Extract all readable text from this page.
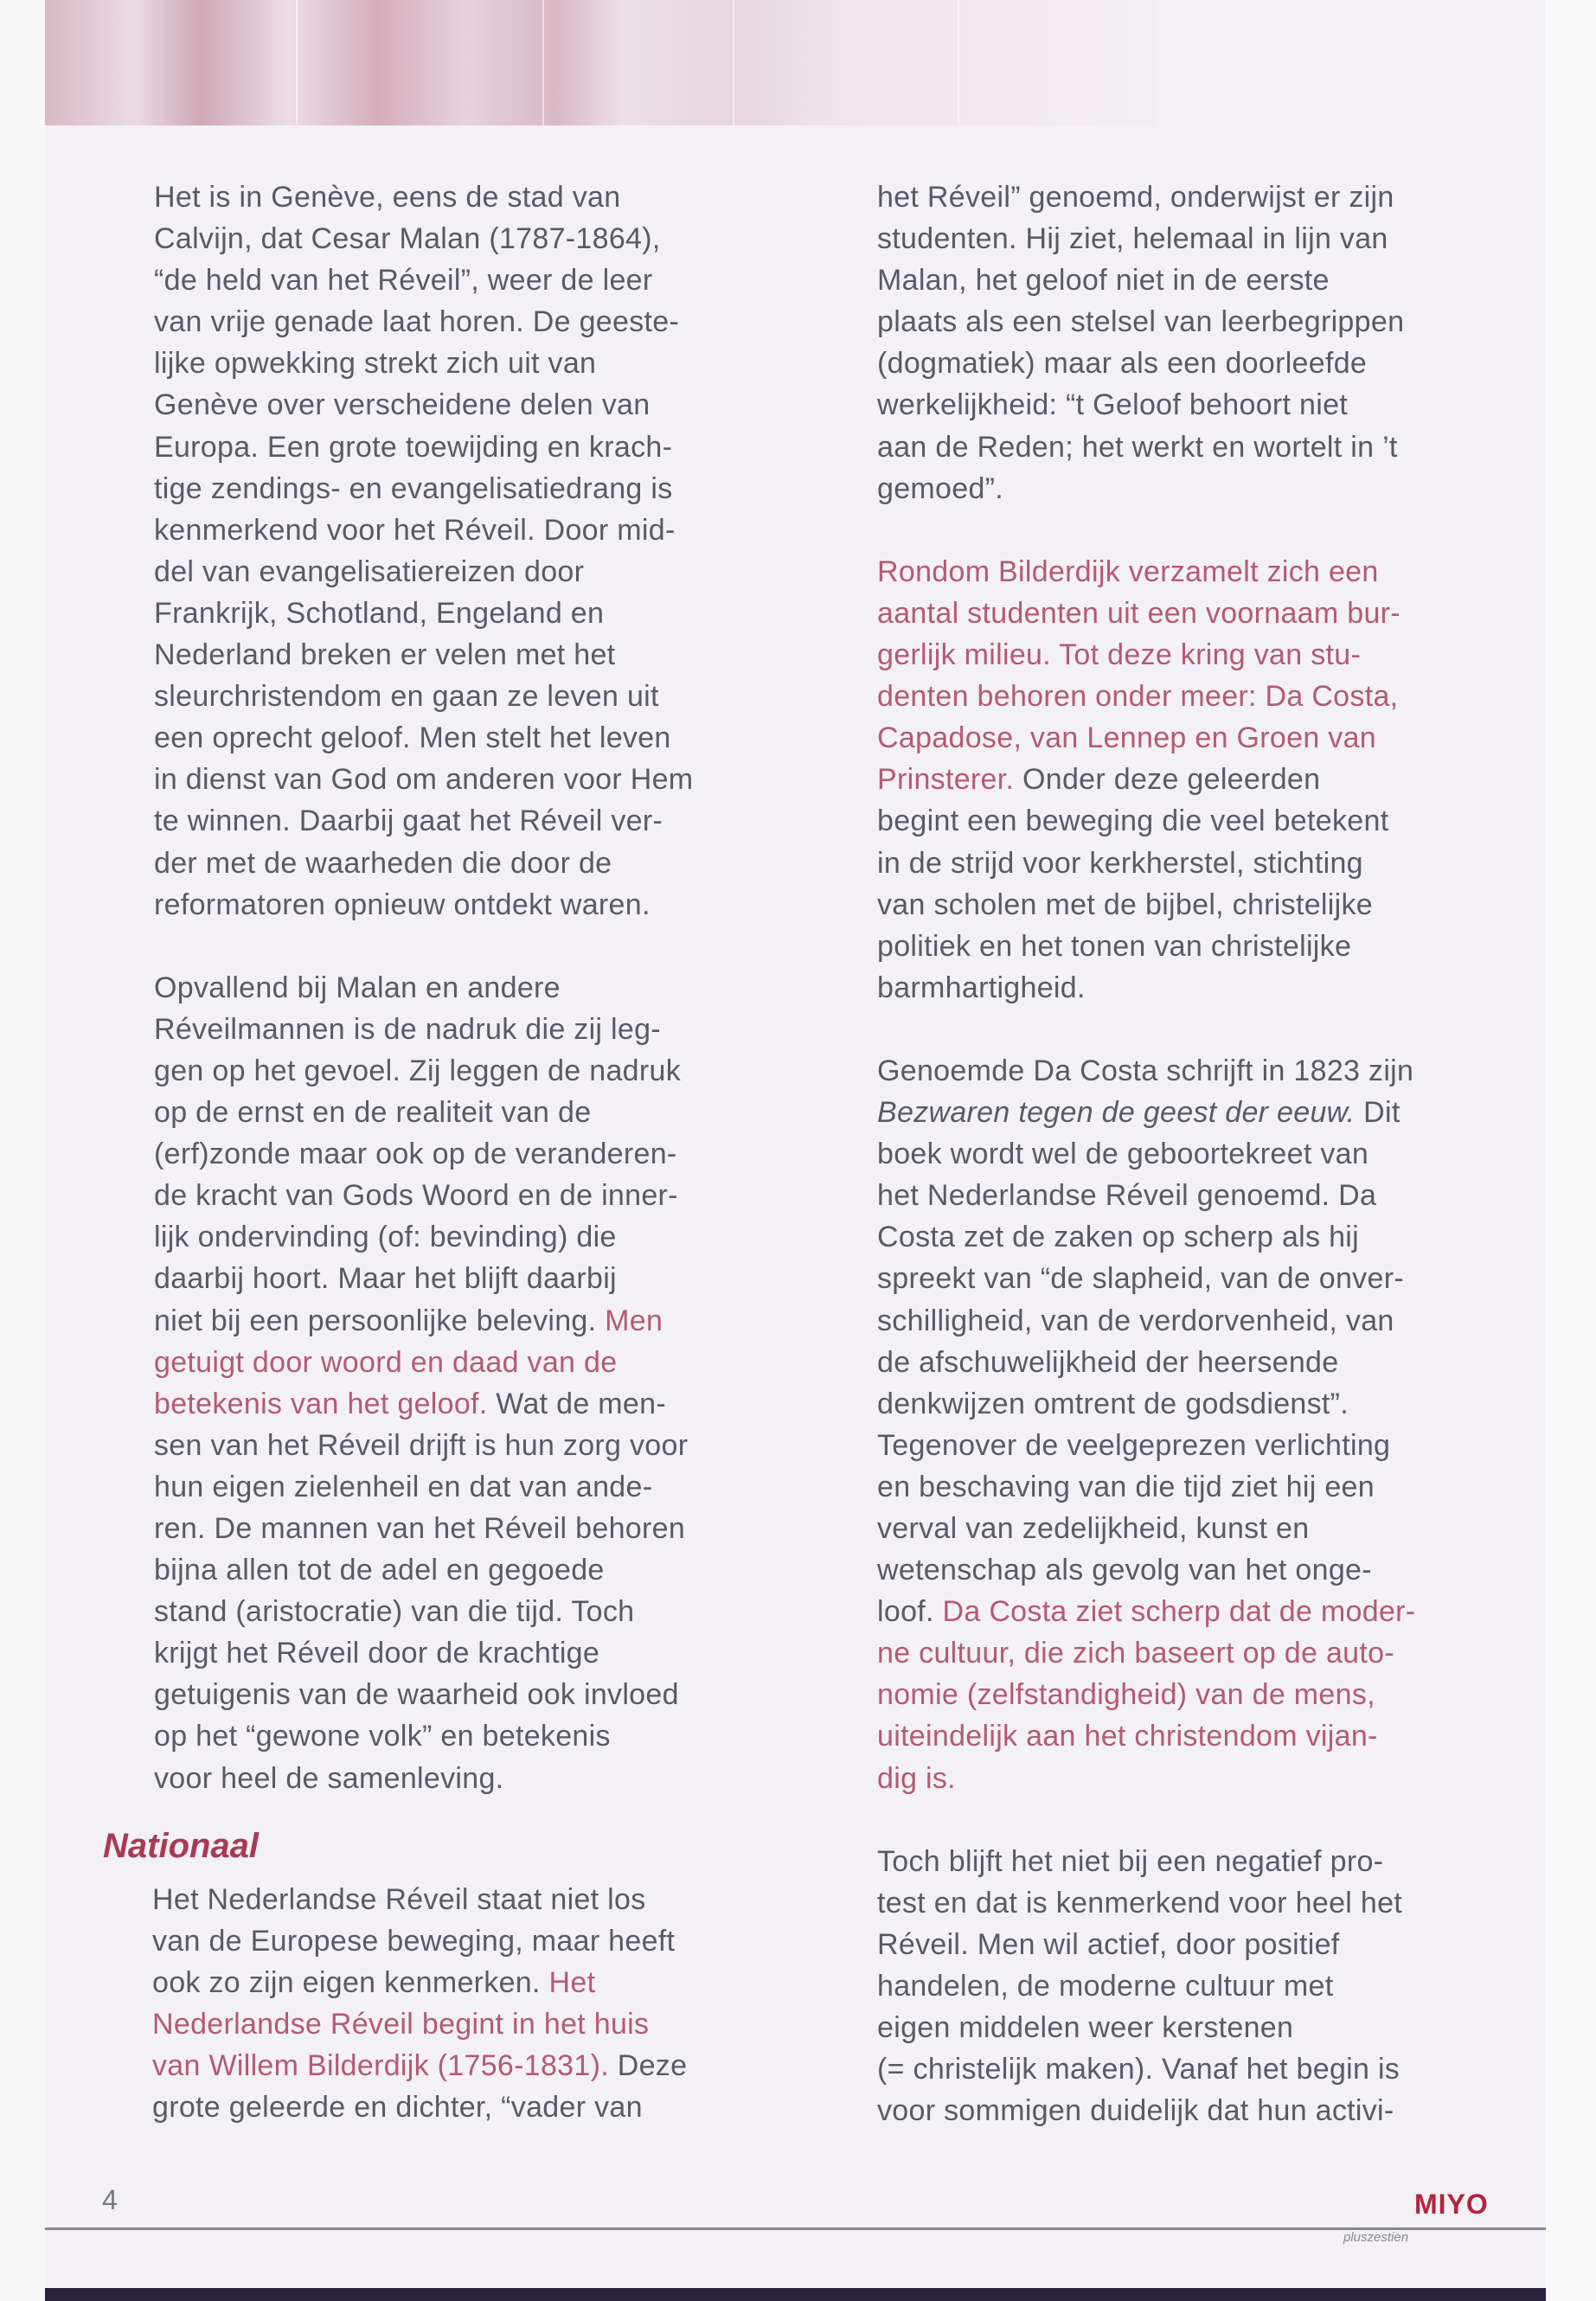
Het is in Genève, eens de stad van
Calvijn, dat Cesar Malan (1787-1864),
“de held van het Réveil”, weer de leer
van vrije genade laat horen. De geeste-
lijke opwekking strekt zich uit van
Genève over verscheidene delen van
Europa. Een grote toewijding en krach-
tige zendings- en evangelisatiedrang is
kenmerkend voor het Réveil. Door mid-
del van evangelisatiereizen door
Frankrijk, Schotland, Engeland en
Nederland breken er velen met het
sleurchristendom en gaan ze leven uit
een oprecht geloof. Men stelt het leven
in dienst van God om anderen voor Hem
te winnen. Daarbij gaat het Réveil ver-
der met de waarheden die door de
reformatoren opnieuw ontdekt waren.
Opvallend bij Malan en andere
Réveilmannen is de nadruk die zij leg-
gen op het gevoel. Zij leggen de nadruk
op de ernst en de realiteit van de
(erf)zonde maar ook op de veranderen-
de kracht van Gods Woord en de inner-
lijk ondervinding (of: bevinding) die
daarbij hoort. Maar het blijft daarbij
niet bij een persoonlijke beleving. Men
getuigt door woord en daad van de
betekenis van het geloof. Wat de men-
sen van het Réveil drijft is hun zorg voor
hun eigen zielenheil en dat van ande-
ren. De mannen van het Réveil behoren
bijna allen tot de adel en gegoede
stand (aristocratie) van die tijd. Toch
krijgt het Réveil door de krachtige
getuigenis van de waarheid ook invloed
op het “gewone volk” en betekenis
voor heel de samenleving.
Nationaal
Het Nederlandse Réveil staat niet los
van de Europese beweging, maar heeft
ook zo zijn eigen kenmerken. Het
Nederlandse Réveil begint in het huis
van Willem Bilderdijk (1756-1831). Deze
grote geleerde en dichter, “vader van
het Réveil” genoemd, onderwijst er zijn
studenten. Hij ziet, helemaal in lijn van
Malan, het geloof niet in de eerste
plaats als een stelsel van leerbegrippen
(dogmatiek) maar als een doorleefde
werkelijkheid: “t Geloof behoort niet
aan de Reden; het werkt en wortelt in ’t
gemoed”.
Rondom Bilderdijk verzamelt zich een
aantal studenten uit een voornaam bur-
gerlijk milieu. Tot deze kring van stu-
denten behoren onder meer: Da Costa,
Capadose, van Lennep en Groen van
Prinsterer. Onder deze geleerden
begint een beweging die veel betekent
in de strijd voor kerkherstel, stichting
van scholen met de bijbel, christelijke
politiek en het tonen van christelijke
barmhartigheid.
Genoemde Da Costa schrijft in 1823 zijn
Bezwaren tegen de geest der eeuw. Dit
boek wordt wel de geboortekreet van
het Nederlandse Réveil genoemd. Da
Costa zet de zaken op scherp als hij
spreekt van “de slapheid, van de onver-
schilligheid, van de verdorvenheid, van
de afschuwelijkheid der heersende
denkwijzen omtrent de godsdienst”.
Tegenover de veelgeprezen verlichting
en beschaving van die tijd ziet hij een
verval van zedelijkheid, kunst en
wetenschap als gevolg van het onge-
loof. Da Costa ziet scherp dat de moder-
ne cultuur, die zich baseert op de auto-
nomie (zelfstandigheid) van de mens,
uiteindelijk aan het christendom vijan-
dig is.
Toch blijft het niet bij een negatief pro-
test en dat is kenmerkend voor heel het
Réveil. Men wil actief, door positief
handelen, de moderne cultuur met
eigen middelen weer kerstenen
(= christelijk maken). Vanaf het begin is
voor sommigen duidelijk dat hun activi-
4	MIYO
pluszestien
